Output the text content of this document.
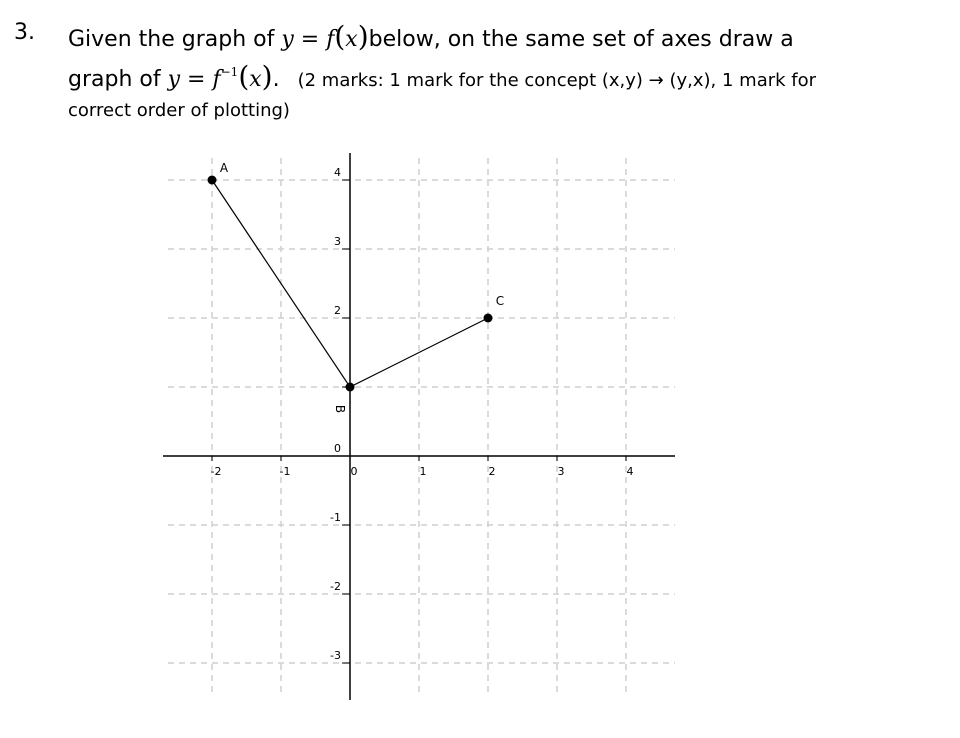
3. Given the graph of y = f(x)below, on the same set of axes draw a
graph of $y = f^{-1}(x)$. (2 marks: 1 mark for the concept (x,y) → (y,x), 1 mark for
correct order of plotting)
-2	-1	0	1	2	3	4
-3
-2
-1
0
2
3
4
A
B
C
